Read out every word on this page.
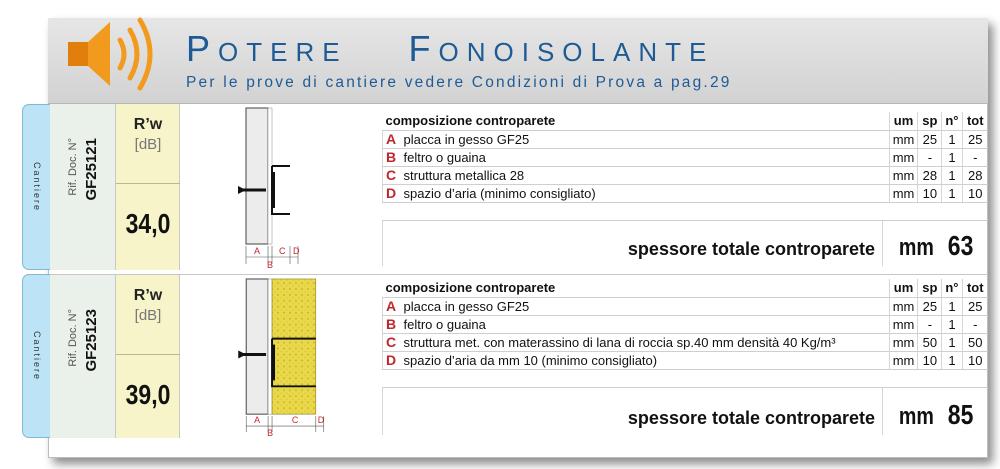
POTERE FONOISOLANTE
Per le prove di cantiere vedere Condizioni di Prova a pag.29
Cantiere Rif. Doc. N° GF25121
R’w
[dB]
34,0
A
B
C D
composizione controparete		um	sp	n°	tot
A	placca in gesso GF25	mm	25	1	25
B	feltro o guaina	mm	-	1	-
C	struttura metallica 28	mm	28	1	28
D	spazio d’aria (minimo consigliato)	mm	10	1	10
spessore totale controparete mm
63
Cantiere Rif. Doc. N° GF25123
R’w
[dB]
39,0
A
B
C D
composizione controparete		um	sp	n°	tot
A	placca in gesso GF25	mm	25	1	25
B	feltro o guaina	mm	-	1	-
C	struttura met. con materassino di lana di roccia sp.40 mm densità 40 Kg/m³	mm	50	1	50
D	spazio d’aria da mm 10 (minimo consigliato)	mm	10	1	10
spessore totale controparete mm
85
